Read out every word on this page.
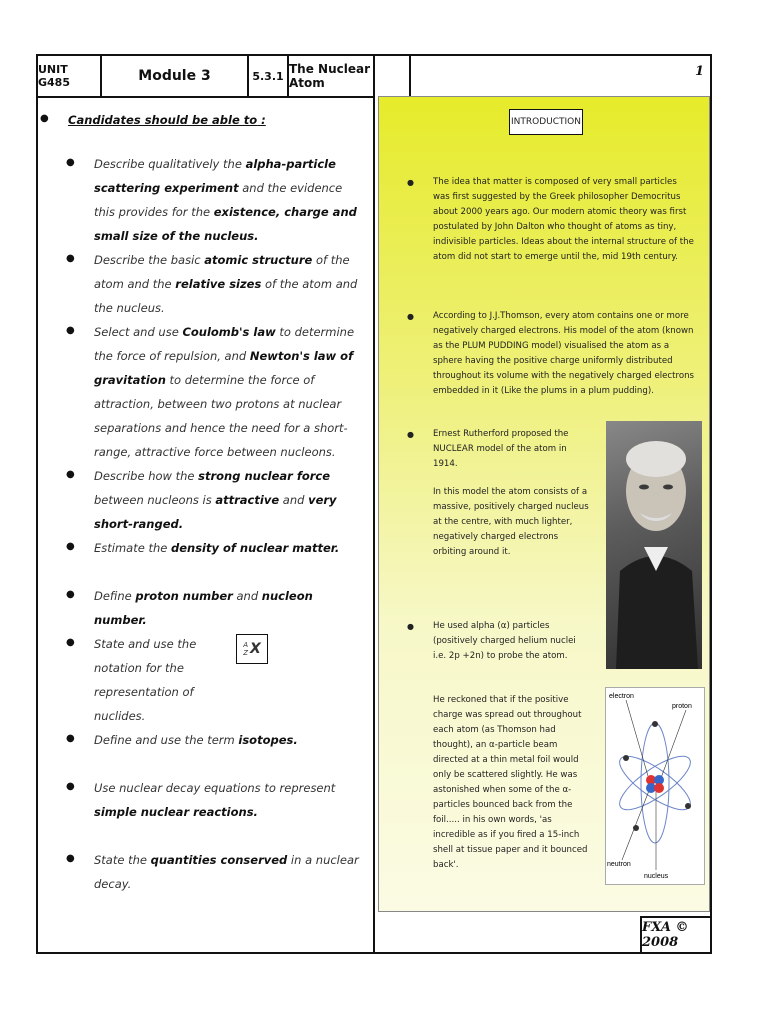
UNIT G485	Module 3	5.3.1 The Nuclear Atom
1
● Candidates should be able to :
● Describe qualitatively the alpha-particle scattering experiment and the evidence this provides for the existence, charge and small size of the nucleus.
● Describe the basic atomic structure of the atom and the relative sizes of the atom and the nucleus.
● Select and use Coulomb's law to determine the force of repulsion, and Newton's law of gravitation to determine the force of attraction, between two protons at nuclear separations and hence the need for a short-range, attractive force between nucleons.
● Describe how the strong nuclear force between nucleons is attractive and very short-ranged.
● Estimate the density of nuclear matter.
● Define proton number and nucleon number.
● State and use the notation for the representation of nuclides.
● Define and use the term isotopes.
● Use nuclear decay equations to represent simple nuclear reactions.
● State the quantities conserved in a nuclear decay.
A
Z X
INTRODUCTION
● The idea that matter is composed of very small particles was first suggested by the Greek philosopher Democritus about 2000 years ago. Our modern atomic theory was first postulated by John Dalton who thought of atoms as tiny, indivisible particles. Ideas about the internal structure of the atom did not start to emerge until the, mid 19th century.
● According to J.J.Thomson, every atom contains one or more negatively charged electrons. His model of the atom (known as the PLUM PUDDING model) visualised the atom as a sphere having the positive charge uniformly distributed throughout its volume with the negatively charged electrons embedded in it (Like the plums in a plum pudding).
● Ernest Rutherford proposed the NUCLEAR model of the atom in 1914.
In this model the atom consists of a massive, positively charged nucleus at the centre, with much lighter, negatively charged electrons orbiting around it.
● He used alpha (α) particles (positively charged helium nuclei i.e. 2p +2n) to probe the atom.
He reckoned that if the positive charge was spread out throughout each atom (as Thomson had thought), an α-particle beam directed at a thin metal foil would only be scattered slightly. He was astonished when some of the α-particles bounced back from the foil..... in his own words, 'as incredible as if you fired a 15-inch shell at tissue paper and it bounced back'.
electron
proton
neutron
nucleus
FXA © 2008
